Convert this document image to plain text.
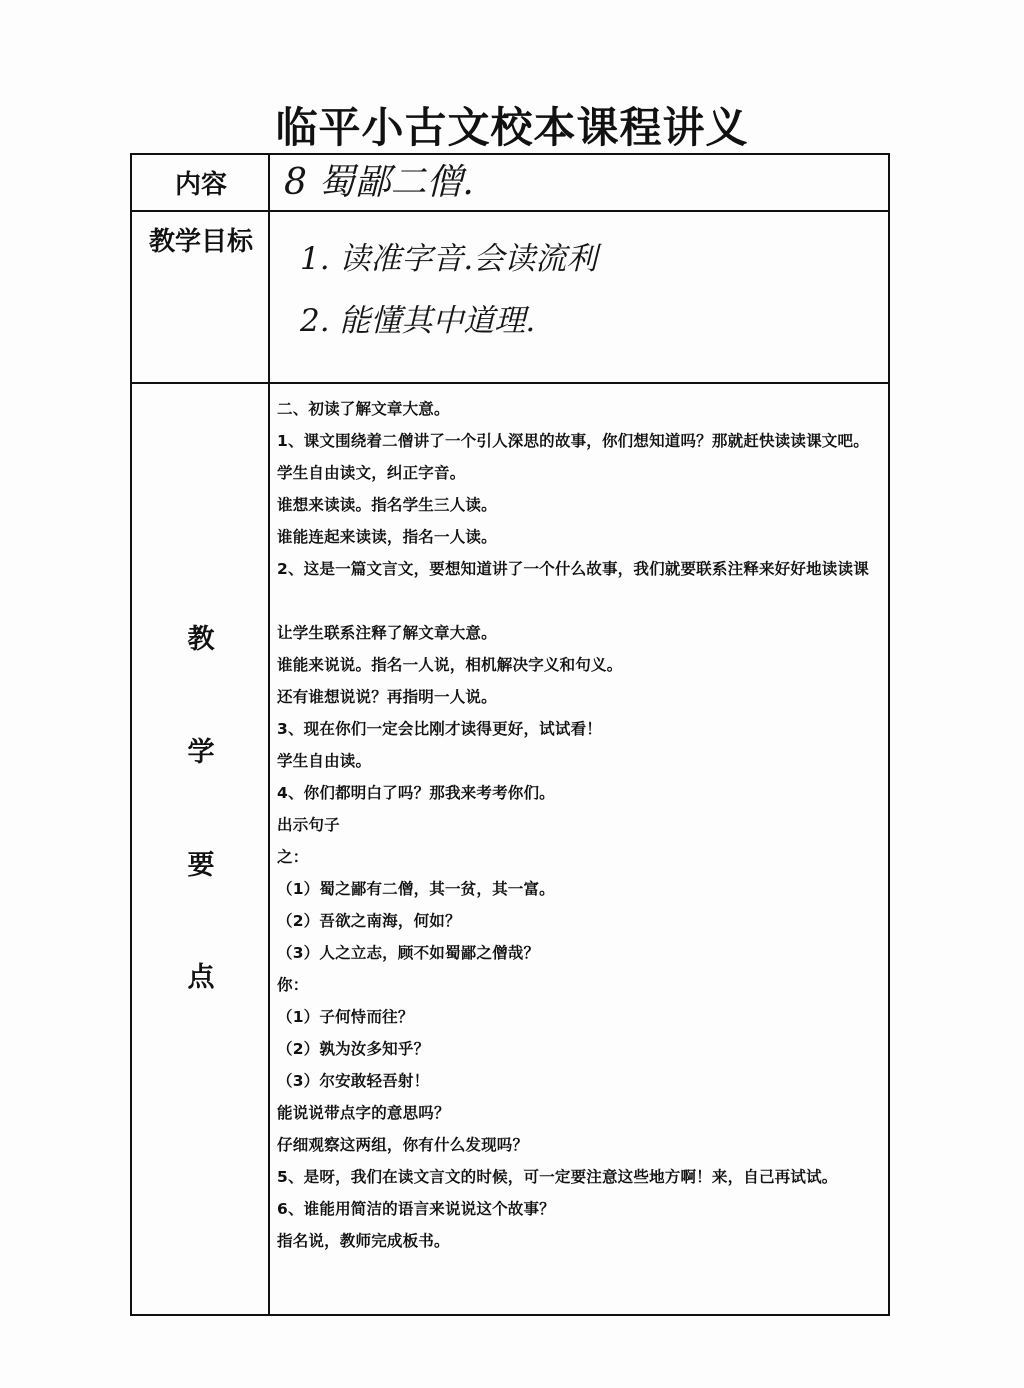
临平小古文校本课程讲义
内容	8 蜀鄙二僧.
教学目标	1. 读准字音.会读流利
2. 能懂其中道理.
教
学
要
点
二、初读了解文章大意。
1、课文围绕着二僧讲了一个引人深思的故事，你们想知道吗？那就赶快读读课文吧。
学生自由读文，纠正字音。
谁想来读读。指名学生三人读。
谁能连起来读读，指名一人读。
2、这是一篇文言文，要想知道讲了一个什么故事，我们就要联系注释来好好地读读课
让学生联系注释了解文章大意。
谁能来说说。指名一人说，相机解决字义和句义。
还有谁想说说？再指明一人说。
3、现在你们一定会比刚才读得更好，试试看！
学生自由读。
4、你们都明白了吗？那我来考考你们。
出示句子
之：
（1）蜀之鄙有二僧，其一贫，其一富。
（2）吾欲之南海，何如？
（3）人之立志，顾不如蜀鄙之僧哉？
你：
（1）子何恃而往？
（2）孰为汝多知乎？
（3）尔安敢轻吾射！
能说说带点字的意思吗？
仔细观察这两组，你有什么发现吗？
5、是呀，我们在读文言文的时候，可一定要注意这些地方啊！来，自己再试试。
6、谁能用简洁的语言来说说这个故事？
指名说，教师完成板书。
